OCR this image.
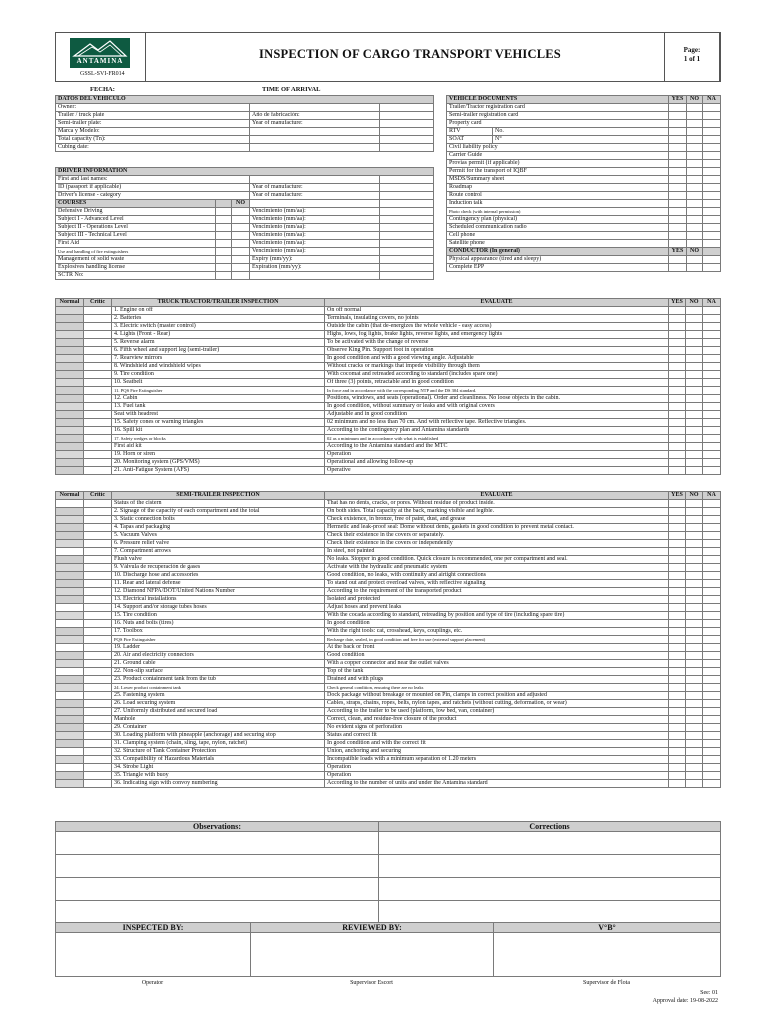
ANTAMINA
GSSL-SVI-FR014
INSPECTION OF CARGO TRANSPORT VEHICLES	Page:
1 of 1
FECHA:	TIME OF ARRIVAL
DATOS DEL VEHÍCULO		
Owner:		
Trailer / truck plate	Año de fabricación:	
Semi-trailer plate:	Year of manufacture:	
Marca y Modelo:		
Total capacity (Tn):		
Cubing date:		
DRIVER INFORMATION				
First and last names:				
ID (passport if applicable)			Year of manufacture:	
Driver's license - category			Year of manufacture:	
COURSES		NO		
Defensive Driving			Vencimiento (mm/aa):	
Subject I - Advanced Level			Vencimiento (mm/aa):	
Subject II - Operations Level			Vencimiento (mm/aa):	
Subject III - Technical Level			Vencimiento (mm/aa):	
First Aid			Vencimiento (mm/aa):	
Use and handling of fire extinguishers			Vencimiento (mm/aa):	
Management of solid waste			Expiry (mm/yy):	
Explosives handling license			Expiration (mm/yy):	
SCTR No:				
VEHICLE DOCUMENTS		YES	NO	NA
Trailer/Tractor registration card				
Semi-trailer registration card				
Property card				
RTV	No.			
SOAT	N°			
Civil liability policy				
Carrier Guide				
Provias permit (if applicable)				
Permit for the transport of IQBF				
MSDS/Summary sheet				
Roadmap				
Route control				
Induction talk				
Photo check (with internal permission)				
Contingency plan (physical)				
Scheduled communication radio				
Cell phone				
Satellite phone				
CONDUCTOR (In general)		YES	NO	
Physical appearance (tired and sleepy)				
Complete EPP				
Normal	Critic	TRUCK TRACTOR/TRAILER INSPECTION	EVALUATE	YES	NO	NA
		1. Engine on off	On off normal			
		2. Batteries	Terminals, insulating covers, no joints			
		3. Electric switch (master control)	Outside the cabin (that de-energizes the whole vehicle - easy access)			
		4. Lights (Front - Rear)	Highs, lows, fog lights, brake lights, reverse lights, and emergency lights			
		5. Reverse alarm	To be activated with the change of reverse			
		6. Fifth wheel and support leg (semi-trailer)	Observe King Pin. Support foot in operation			
		7. Rearview mirrors	In good condition and with a good viewing angle. Adjustable			
		8. Windshield and windshield wipes	Without cracks or markings that impede visibility through them			
		9. Tire condition	With cocomat and retreaded according to standard (includes spare one)			
		10. Seatbelt	Of three (3) points, retractable and in good condition			
		11. PQS Fire Extinguisher	In force and in accordance with the corresponding NTP and the DS 304 standard.			
		12. Cabin	Positions, windows, and seats (operational). Order and cleanliness. No loose objects in the cabin.			
		13. Fuel tank	In good condition, without summary or leaks and with original covers			
		Seat with headrest	Adjustable and in good condition			
		15. Safety cones or warning triangles	02 minimum and no less than 70 cm. And with reflective tape. Reflective triangles.			
		16. Spill kit	According to the contingency plan and Antamina standards			
		17. Safety wedges or blocks	02 as a minimum and in accordance with what is established			
		First aid kit	According to the Antamina standard and the MTC			
		19. Horn or siren	Operation			
		20. Monitoring system (GPS/VMS)	Operational and allowing follow-up			
		21. Anti-Fatigue System (AFS)	Operative			
Normal	Critic	SEMI-TRAILER INSPECTION	EVALUATE	YES	NO	NA
		Status of the cistern	That has no dents, cracks, or pores. Without residue of product inside.			
		2. Signage of the capacity of each compartment and the total	On both sides. Total capacity at the back, marking visible and legible.			
		3. Static connection bolts	Check existence, in bronze, free of paint, dust, and grease			
		4. Tapas and packaging	Hermetic and leak-proof seal: Dome without dents, gaskets in good condition to prevent metal contact.			
		5. Vacuum Valves	Check their existence in the covers or separately.			
		6. Pressure relief valve	Check their existence in the covers or independently			
		7. Compartment arrows	In steel, not painted			
		Flush valve	No leaks. Stopper in good condition. Quick closure is recommended, one per compartment and seal.			
		9. Válvula de recuperación de gases	Activate with the hydraulic and pneumatic system			
		10. Discharge hose and accessories	Good condition, no leaks, with continuity and airtight connections			
		11. Rear and lateral defense	To stand out and protect overload valves, with reflective signaling			
		12. Diamond NFPA/DOT/United Nations Number	According to the requirement of the transported product			
		13. Electrical installations	Isolated and protected			
		14. Support and/or storage tubes hoses	Adjust hoses and prevent leaks			
		15. Tire condition	With the cocada according to standard, retreading by position and type of tire (including spare tire)			
		16. Nuts and bolts (tires)	In good condition			
		17. Toolbox	With the right tools: cat, crosshead, keys, couplings, etc.			
		PQS Fire Extinguisher	Recharge date, sealed, in good condition and free for use (external support placement)			
		19. Ladder	At the back or front			
		20. Air and electricity connectors	Good condition			
		21. Ground cable	With a copper connector and near the outlet valves			
		22. Non-slip surface	Top of the tank			
		23. Product containment tank from the tub	Drained and with plugs			
		24. Lower product containment tank	Check general condition, ensuring there are no leaks			
		25. Fastening system	Dock package without breakage or mounted on Pin, clamps in correct position and adjusted			
		26. Load securing system	Cables, straps, chains, ropes, belts, nylon tapes, and ratchets (without cutting, deformation, or wear)			
		27. Uniformly distributed and secured load	According to the trailer to be used (platform, low bed, van, container)			
		Manhole	Correct, clean, and residue-free closure of the product			
		29. Container	No evident signs of perforation			
		30. Loading platform with pineapple (anchorage) and securing stop	Status and correct fit			
		31. Clamping system (chain, sling, tape, nylon, ratchet)	In good condition and with the correct fit			
		32. Structure of Tank Container Protection	Union, anchoring and securing			
		33. Compatibility of Hazardous Materials	Incompatible loads with a minimum separation of 1.20 meters			
		34. Strobe Light	Operation			
		35. Triangle with buoy	Operation			
		36. Indicating sign with convoy numbering	According to the number of units and under the Antamina standard			
Observations:	Corrections

INSPECTED BY:	REVIEWED BY:	V°B°

Operator	Supervisor Escort	Supervisor de Flota
See: 01
Approval date: 19-08-2022
